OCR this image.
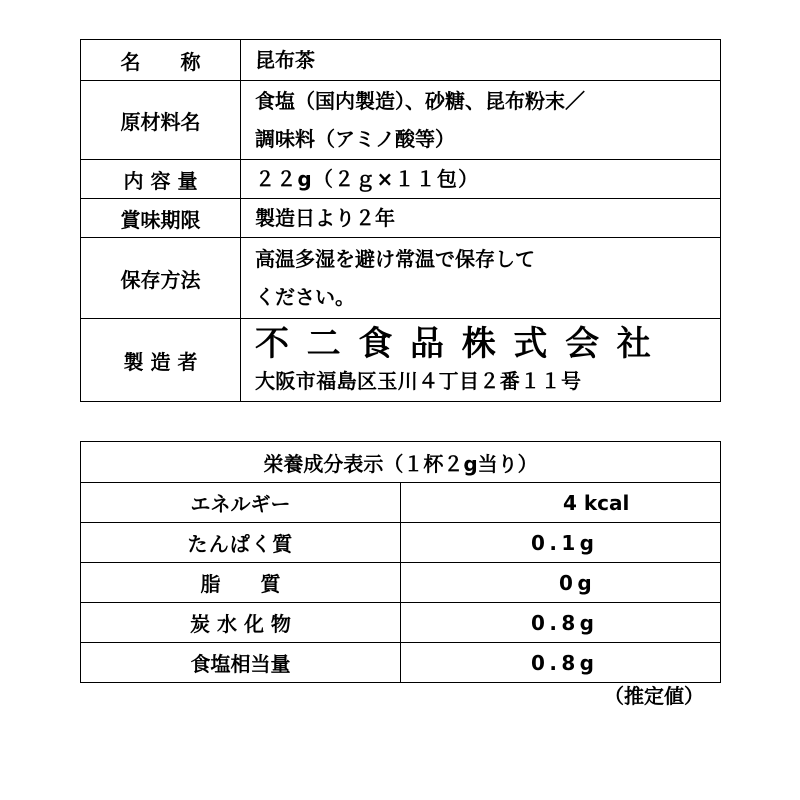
名　　称	昆布茶
原材料名	食塩（国内製造）、砂糖、昆布粉末／
調味料（アミノ酸等）

内 容 量	２２g（２ｇ×１１包）
賞味期限	製造日より２年
保存方法	高温多湿を避け常温で保存して
ください。

製 造 者	不二食品株式会社
大阪市福島区玉川４丁目２番１１号
栄養成分表示（１杯２g当り）	
エネルギー	4 kcal
たんぱく質	0.1g
脂　　質	0g
炭 水 化 物	0.8g
食塩相当量	0.8g
（推定値）
